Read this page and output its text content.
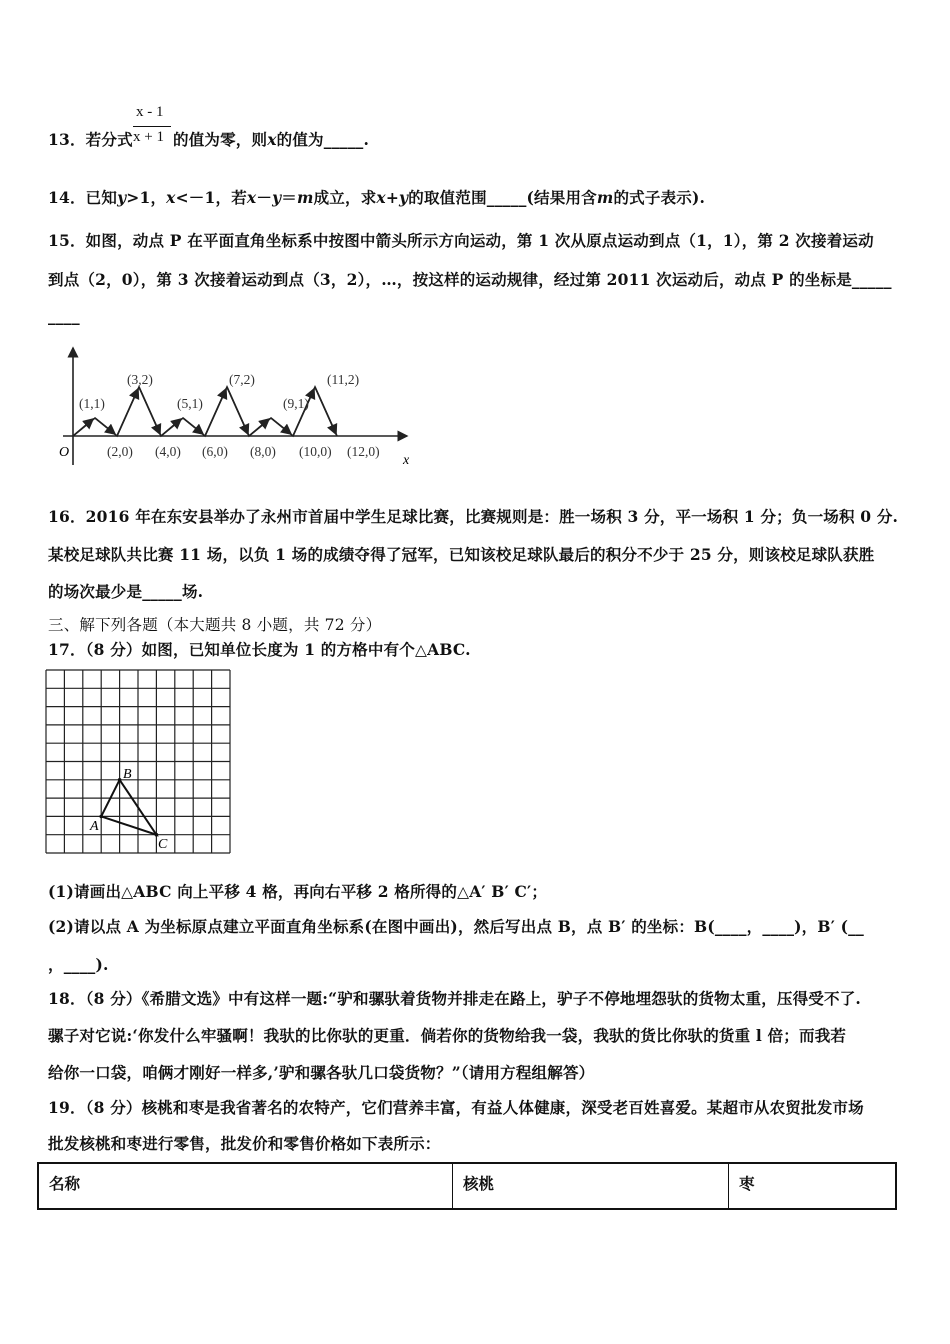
x - 1
x + 1
13．若分式	的值为零，则x的值为_____.
14．已知y>1，x<－1，若x－y＝m成立，求x+y的取值范围_____(结果用含m的式子表示).
15．如图，动点 P 在平面直角坐标系中按图中箭头所示方向运动，第 1 次从原点运动到点（1，1），第 2 次接着运动
到点（2，0），第 3 次接着运动到点（3，2），…，按这样的运动规律，经过第 2011 次运动后，动点 P 的坐标是_____
____
O
x
(1,1)
(3,2)
(5,1)
(7,2)
(9,1)
(11,2)
(2,0) (4,0) (6,0) (8,0) (10,0) (12,0)
16．2016 年在东安县举办了永州市首届中学生足球比赛，比赛规则是：胜一场积 3 分，平一场积 1 分；负一场积 0 分.
某校足球队共比赛 11 场，以负 1 场的成绩夺得了冠军，已知该校足球队最后的积分不少于 25 分，则该校足球队获胜
的场次最少是_____场.
三、解下列各题（本大题共 8 小题，共 72 分）
17．（8 分）如图，已知单位长度为 1 的方格中有个△ABC.
B
A
C
(1)请画出△ABC 向上平移 4 格，再向右平移 2 格所得的△A′ B′ C′；
(2)请以点 A 为坐标原点建立平面直角坐标系(在图中画出)，然后写出点 B，点 B′ 的坐标：B(____，____)，B′ (__
，____).
18．（8 分）《希腊文选》中有这样一题:“驴和骡驮着货物并排走在路上，驴子不停地埋怨驮的货物太重，压得受不了.
骡子对它说:‘你发什么牢骚啊！我驮的比你驮的更重．倘若你的货物给我一袋，我驮的货比你驮的货重 l 倍；而我若
给你一口袋，咱俩才刚好一样多,’驴和骡各驮几口袋货物？”（请用方程组解答）
19．（8 分）核桃和枣是我省著名的农特产，它们营养丰富，有益人体健康，深受老百姓喜爱。某超市从农贸批发市场
批发核桃和枣进行零售，批发价和零售价格如下表所示：
名称	核桃	枣
